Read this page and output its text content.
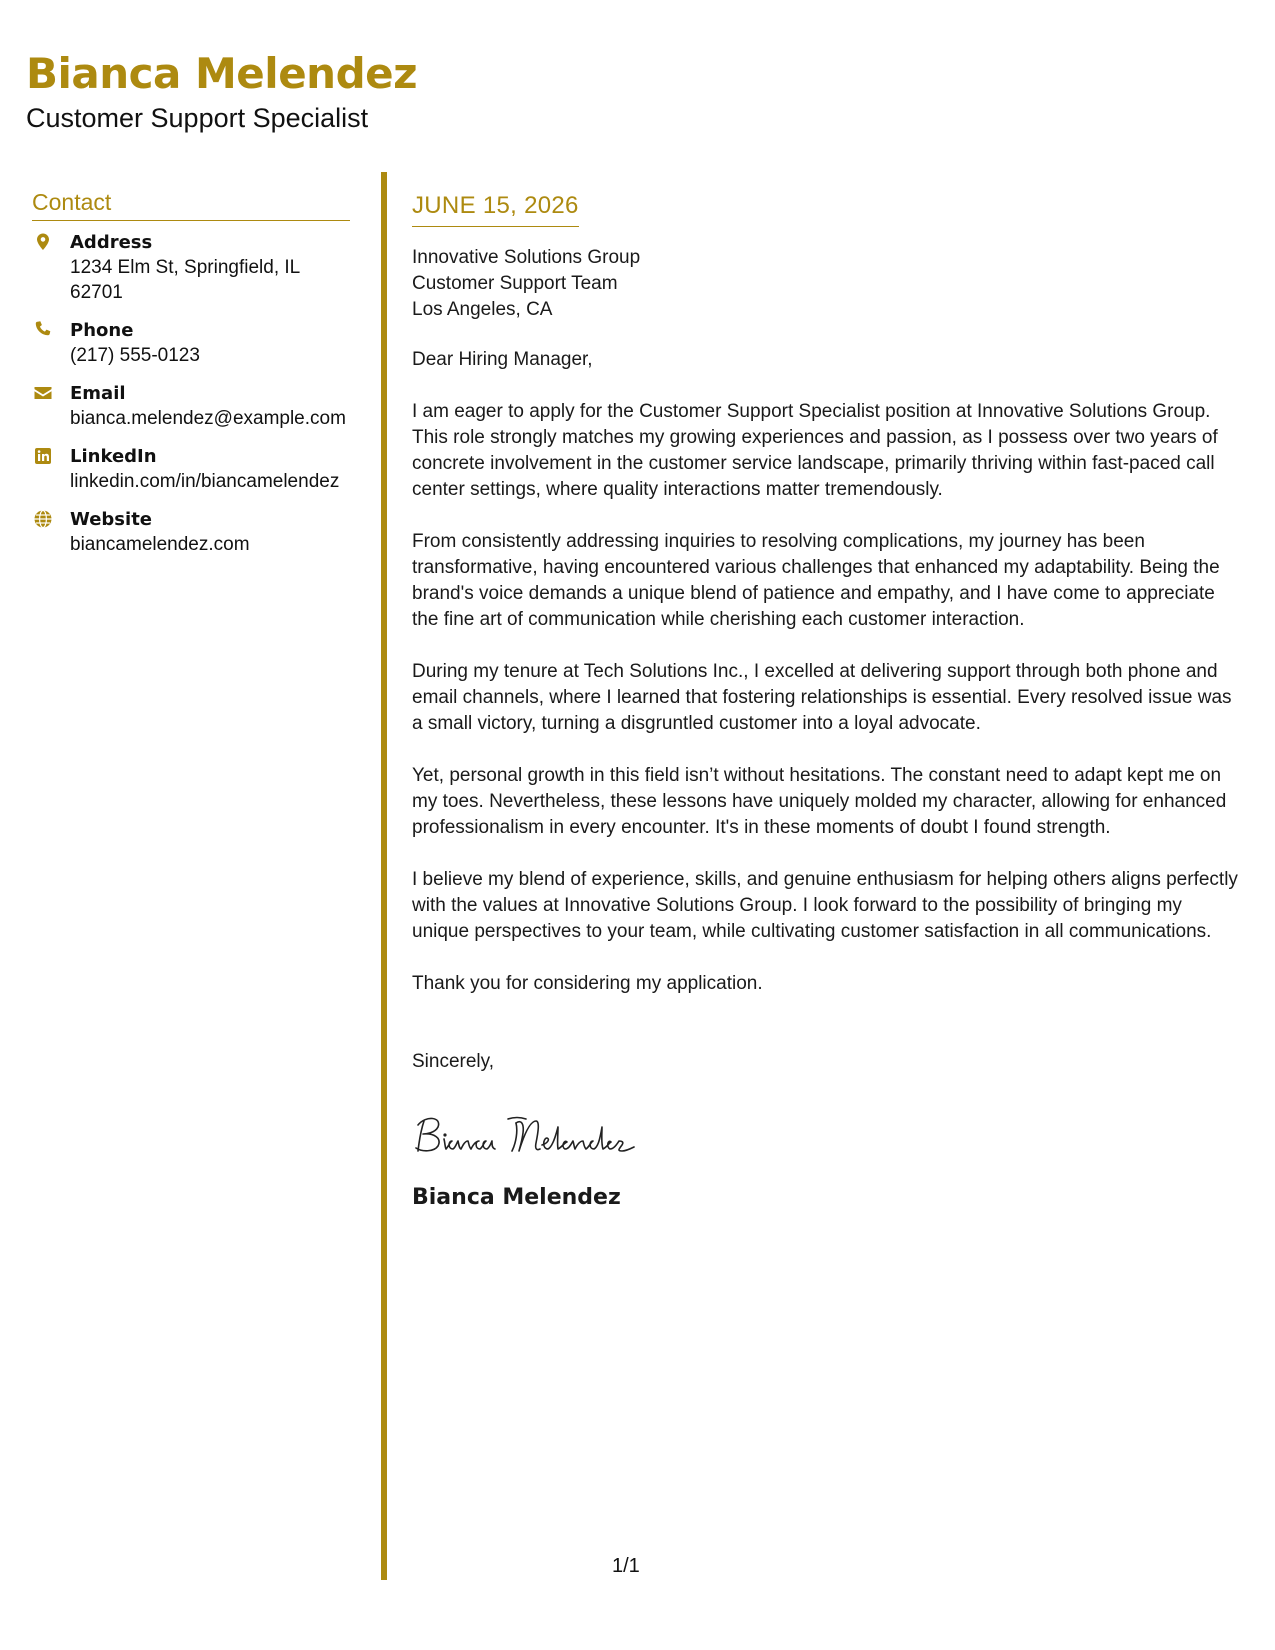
Bianca Melendez

Customer Support Specialist

Contact
Address
1234 Elm St, Springfield, IL 62701
Phone
(217) 555-0123
Email
bianca.melendez@example.com
LinkedIn
linkedin.com/in/biancamelendez
Website
biancamelendez.com
JUNE 15, 2026
Innovative Solutions Group
Customer Support Team
Los Angeles, CA

Dear Hiring Manager,

I am eager to apply for the Customer Support Specialist position at Innovative Solutions Group. This role strongly matches my growing experiences and passion, as I possess over two years of concrete involvement in the customer service landscape, primarily thriving within fast-paced call center settings, where quality interactions matter tremendously.

From consistently addressing inquiries to resolving complications, my journey has been transformative, having encountered various challenges that enhanced my adaptability. Being the brand's voice demands a unique blend of patience and empathy, and I have come to appreciate the fine art of communication while cherishing each customer interaction.

During my tenure at Tech Solutions Inc., I excelled at delivering support through both phone and email channels, where I learned that fostering relationships is essential. Every resolved issue was a small victory, turning a disgruntled customer into a loyal advocate.

Yet, personal growth in this field isn’t without hesitations. The constant need to adapt kept me on my toes. Nevertheless, these lessons have uniquely molded my character, allowing for enhanced professionalism in every encounter. It's in these moments of doubt I found strength.

I believe my blend of experience, skills, and genuine enthusiasm for helping others aligns perfectly with the values at Innovative Solutions Group. I look forward to the possibility of bringing my unique perspectives to your team, while cultivating customer satisfaction in all communications.

Thank you for considering my application.

Sincerely,
Bianca Melendez
1/1
